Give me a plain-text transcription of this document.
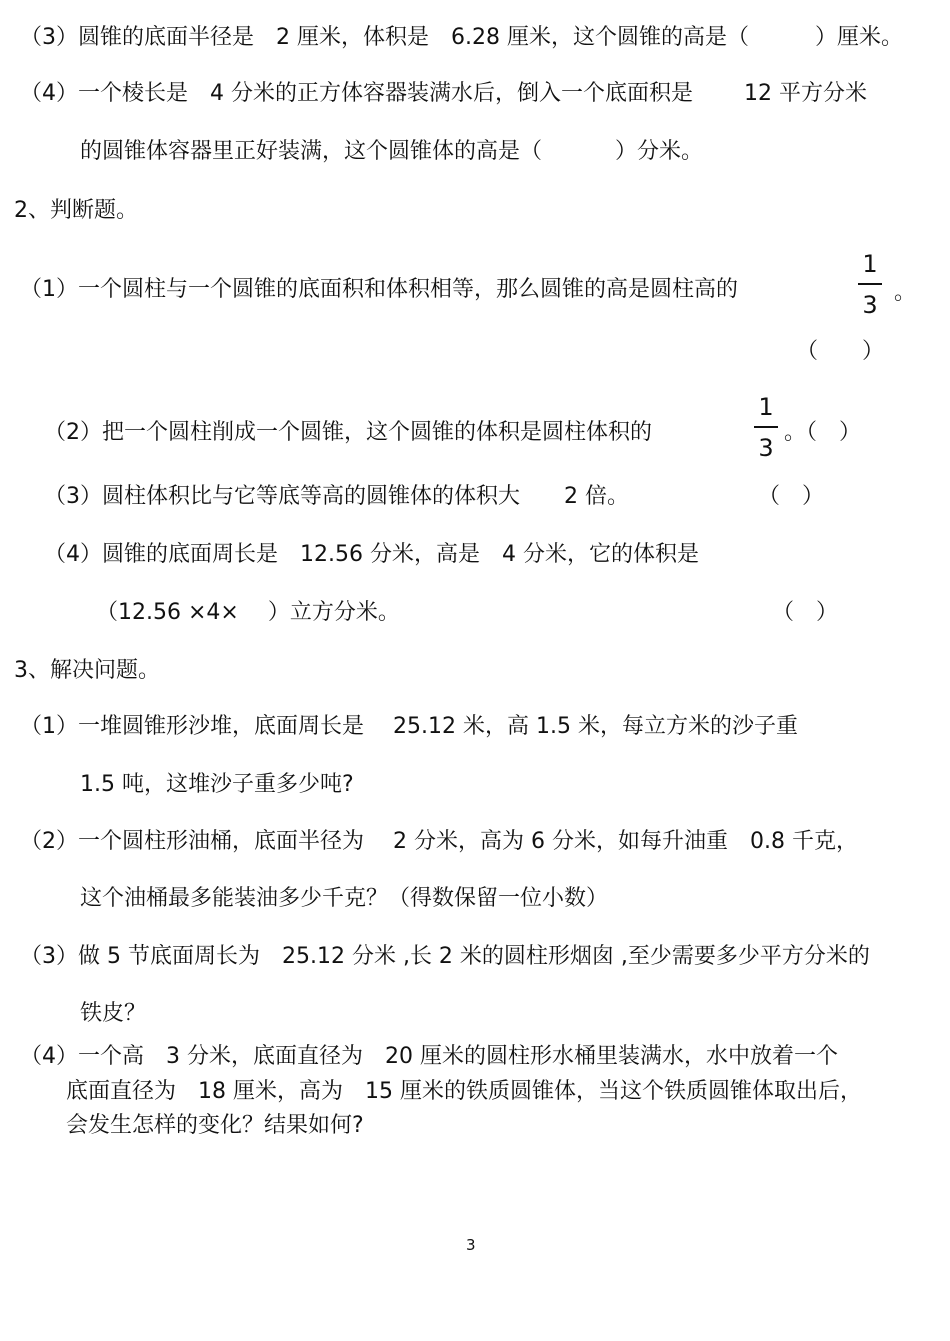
（3）圆锥的底面半径是　2 厘米，体积是　6.28 厘米，这个圆锥的高是（　　　）厘米。
（4）一个棱长是　4 分米的正方体容器装满水后，倒入一个底面积是　　 12 平方分米
的圆锥体容器里正好装满，这个圆锥体的高是（　　　 ）分米。
2、判断题。
（1）一个圆柱与一个圆锥的底面积和体积相等，那么圆锥的高是圆柱高的
1
3 。
（　　）
（2）把一个圆柱削成一个圆锥，这个圆锥的体积是圆柱体积的
1
3
。（　）
（3）圆柱体积比与它等底等高的圆锥体的体积大　　2 倍。	（　）
（4）圆锥的底面周长是　12.56 分米，高是　4 分米，它的体积是
（12.56 ×4×　 ）立方分米。	（　）
3、解决问题。
（1）一堆圆锥形沙堆，底面周长是　 25.12 米，高 1.5 米，每立方米的沙子重
1.5 吨，这堆沙子重多少吨?
（2）一个圆柱形油桶，底面半径为　 2 分米，高为 6 分米，如每升油重　0.8 千克，
这个油桶最多能装油多少千克？（得数保留一位小数）
（3）做 5 节底面周长为　25.12 分米 ,长 2 米的圆柱形烟囱 ,至少需要多少平方分米的
铁皮？
（4）一个高　3 分米，底面直径为　20 厘米的圆柱形水桶里装满水，水中放着一个
底面直径为　18 厘米，高为　15 厘米的铁质圆锥体，当这个铁质圆锥体取出后，
会发生怎样的变化？结果如何?
3
